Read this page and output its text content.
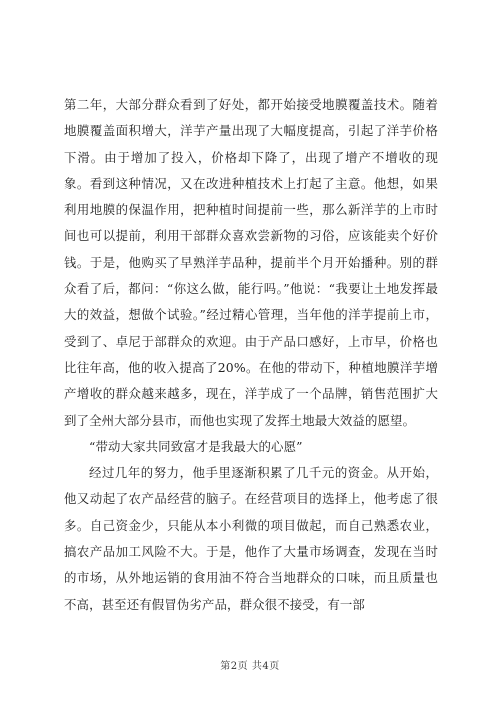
第二年，大部分群众看到了好处，都开始接受地膜覆盖技术。随着地膜覆盖面积增大，洋芋产量出现了大幅度提高，引起了洋芋价格下滑。由于增加了投入，价格却下降了，出现了增产不增收的现象。看到这种情况，又在改进种植技术上打起了主意。他想，如果利用地膜的保温作用，把种植时间提前一些，那么新洋芋的上市时间也可以提前，利用干部群众喜欢尝新物的习俗，应该能卖个好价钱。于是，他购买了早熟洋芋品种，提前半个月开始播种。别的群众看了后，都问：“你这么做，能行吗。”他说：“我要让土地发挥最大的效益，想做个试验。”经过精心管理，当年他的洋芋提前上市，受到了、卓尼于部群众的欢迎。由于产品口感好，上市早，价格也比往年高，他的收入提高了20%。在他的带动下，种植地膜洋芋增产增收的群众越来越多，现在，洋芋成了一个品牌，销售范围扩大到了全州大部分县市，而他也实现了发挥土地最大效益的愿望。

“带动大家共同致富才是我最大的心愿”

经过几年的努力，他手里逐渐积累了几千元的资金。从开始，他又动起了农产品经营的脑子。在经营项目的选择上，他考虑了很多。自己资金少，只能从本小利微的项目做起，而自己熟悉农业，搞农产品加工风险不大。于是，他作了大量市场调查，发现在当时的市场，从外地运销的食用油不符合当地群众的口味，而且质量也不高，甚至还有假冒伪劣产品，群众很不接受，有一部

第2页 共4页
